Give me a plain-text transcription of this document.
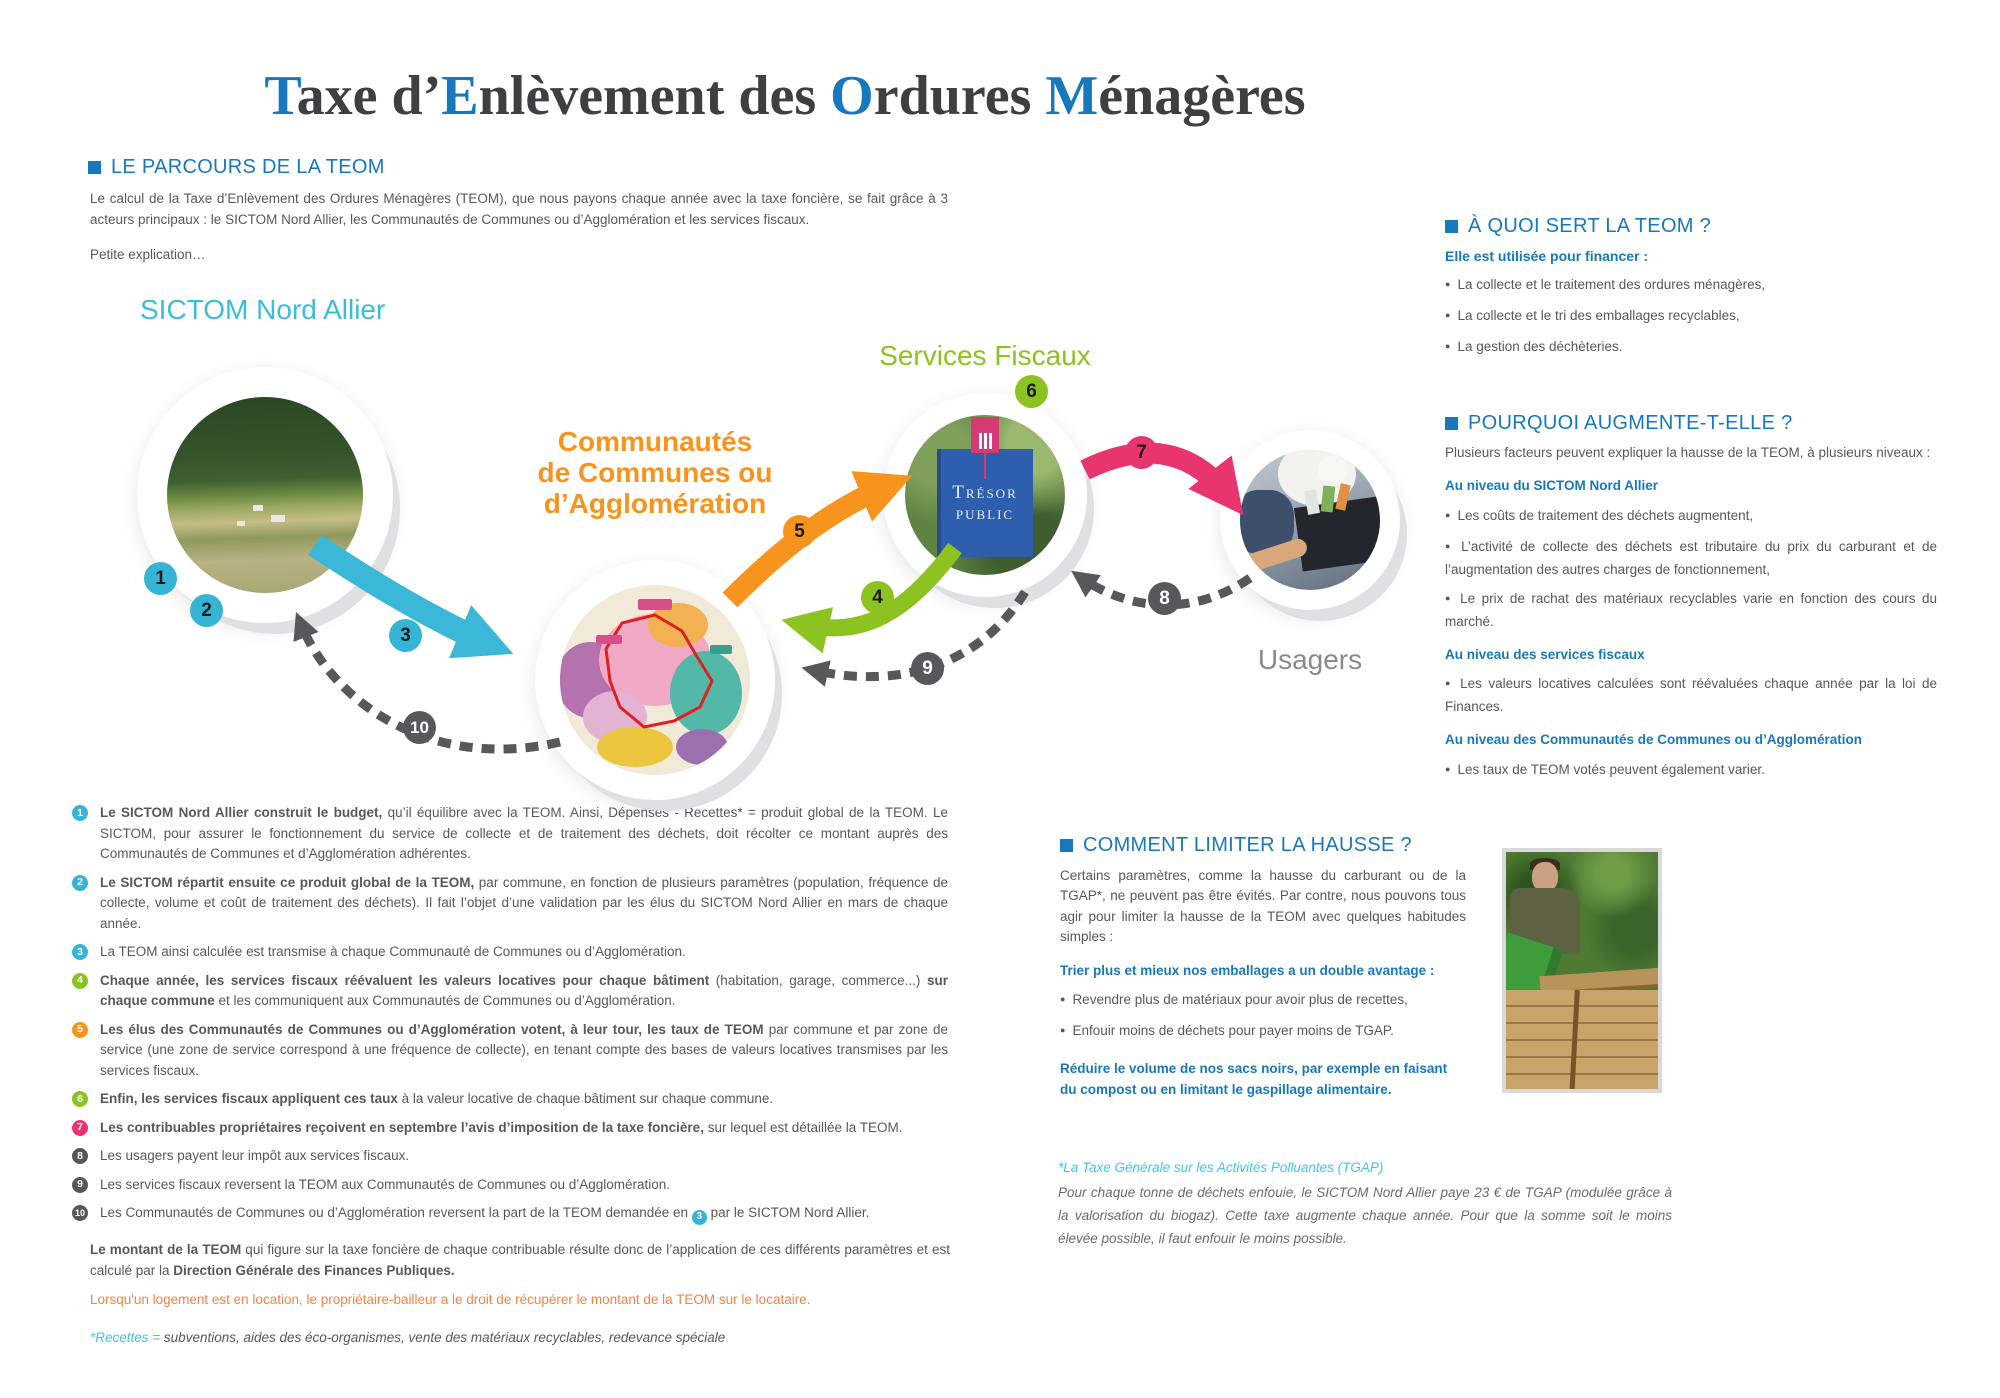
Taxe d’Enlèvement des Ordures Ménagères
LE PARCOURS DE LA TEOM
Le calcul de la Taxe d’Enlèvement des Ordures Ménagères (TEOM), que nous payons chaque année avec la taxe foncière, se fait grâce à 3 acteurs principaux : le SICTOM Nord Allier, les Communautés de Communes ou d’Agglomération et les services fiscaux.
Petite explication…
SICTOM Nord Allier
Communautés
de Communes ou
d’Agglomération
Services Fiscaux
Usagers
Trésor
public
1
2
3
4
5
6
7
8
9
10
1	Le SICTOM Nord Allier construit le budget, qu’il équilibre avec la TEOM. Ainsi, Dépenses - Recettes* = produit global de la TEOM. Le SICTOM, pour assurer le fonctionnement du service de collecte et de traitement des déchets, doit récolter ce montant auprès des Communautés de Communes et d’Agglomération adhérentes.
2	Le SICTOM répartit ensuite ce produit global de la TEOM, par commune, en fonction de plusieurs paramètres (population, fréquence de collecte, volume et coût de traitement des déchets). Il fait l’objet d’une validation par les élus du SICTOM Nord Allier en mars de chaque année.
3	La TEOM ainsi calculée est transmise à chaque Communauté de Communes ou d’Agglomération.
4	Chaque année, les services fiscaux réévaluent les valeurs locatives pour chaque bâtiment (habitation, garage, commerce...) sur chaque commune et les communiquent aux Communautés de Communes ou d’Agglomération.
5	Les élus des Communautés de Communes ou d’Agglomération votent, à leur tour, les taux de TEOM par commune et par zone de service (une zone de service correspond à une fréquence de collecte), en tenant compte des bases de valeurs locatives transmises par les services fiscaux.
6	Enfin, les services fiscaux appliquent ces taux à la valeur locative de chaque bâtiment sur chaque commune.
7	Les contribuables propriétaires reçoivent en septembre l’avis d’imposition de la taxe foncière, sur lequel est détaillée la TEOM.
8	Les usagers payent leur impôt aux services fiscaux.
9	Les services fiscaux reversent la TEOM aux Communautés de Communes ou d’Agglomération.
10 Les Communautés de Communes ou d’Agglomération reversent la part de la TEOM demandée en 3 par le SICTOM Nord Allier.
Le montant de la TEOM qui figure sur la taxe foncière de chaque contribuable résulte donc de l’application de ces différents paramètres et est calculé par la Direction Générale des Finances Publiques.
Lorsqu'un logement est en location, le propriétaire-bailleur a le droit de récupérer le montant de la TEOM sur le locataire.
*Recettes = subventions, aides des éco-organismes, vente des matériaux recyclables, redevance spéciale
À QUOI SERT LA TEOM ?
Elle est utilisée pour financer :
● La collecte et le traitement des ordures ménagères,
● La collecte et le tri des emballages recyclables,
● La gestion des déchèteries.
POURQUOI AUGMENTE-T-ELLE ?
Plusieurs facteurs peuvent expliquer la hausse de la TEOM, à plusieurs niveaux :
Au niveau du SICTOM Nord Allier
● Les coûts de traitement des déchets augmentent,
● L’activité de collecte des déchets est tributaire du prix du carburant et de l’augmentation des autres charges de fonctionnement,
● Le prix de rachat des matériaux recyclables varie en fonction des cours du marché.
Au niveau des services fiscaux
● Les valeurs locatives calculées sont réévaluées chaque année par la loi de Finances.
Au niveau des Communautés de Communes ou d’Agglomération
● Les taux de TEOM votés peuvent également varier.
COMMENT LIMITER LA HAUSSE ?
Certains paramètres, comme la hausse du carburant ou de la TGAP*, ne peuvent pas être évités. Par contre, nous pouvons tous agir pour limiter la hausse de la TEOM avec quelques habitudes simples :
Trier plus et mieux nos emballages a un double avantage :
● Revendre plus de matériaux pour avoir plus de recettes,
● Enfouir moins de déchets pour payer moins de TGAP.
Réduire le volume de nos sacs noirs, par exemple en faisant du compost ou en limitant le gaspillage alimentaire.
*La Taxe Générale sur les Activités Polluantes (TGAP)
Pour chaque tonne de déchets enfouie, le SICTOM Nord Allier paye 23 € de TGAP (modulée grâce à la valorisation du biogaz). Cette taxe augmente chaque année. Pour que la somme soit le moins élevée possible, il faut enfouir le moins possible.
